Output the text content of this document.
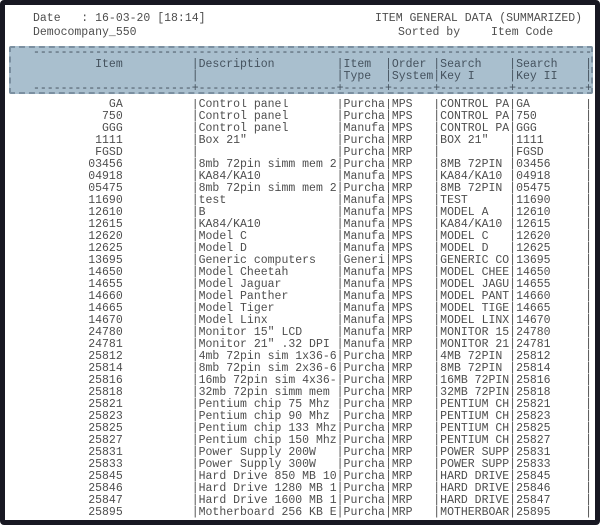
Date   : 16-03-20 [18:14]	ITEM GENERAL DATA (SUMMARIZED)
Democompany_550	Sorted by	Item Code
---------------------------------------------------------------------------------
Item          |Description         |Item  |Order |Search    |Search    |
|                    |Type  |System|Key I     |Key II    |
-----------------------+--------------------+------+------+----------+----------+
GA          |Control panel       |Purcha|MPS   |CONTROL PA|GA        |
750          |Control panel       |Purcha|MPS   |CONTROL PA|750       |
GGG          |Control panel       |Manufa|MPS   |CONTROL PA|GGG       |
1111          |Box 21"             |Purcha|MRP   |BOX 21"   |1111      |
FGSD          |                    |Purcha|MRP   |          |FGSD      |
03456          |8mb 72pin simm mem 2|Purcha|MRP   |8MB 72PIN |03456     |
04918          |KA84/KA10           |Manufa|MPS   |KA84/KA10 |04918     |
05475          |8mb 72pin simm mem 2|Purcha|MRP   |8MB 72PIN |05475     |
11690          |test                |Manufa|MPS   |TEST      |11690     |
12610          |B                   |Manufa|MPS   |MODEL A   |12610     |
12615          |KA84/KA10           |Manufa|MPS   |KA84/KA10 |12615     |
12620          |Model C             |Manufa|MPS   |MODEL C   |12620     |
12625          |Model D             |Manufa|MPS   |MODEL D   |12625     |
13695          |Generic computers   |Generi|MPS   |GENERIC CO|13695     |
14650          |Model Cheetah       |Manufa|MPS   |MODEL CHEE|14650     |
14655          |Model Jaguar        |Manufa|MPS   |MODEL JAGU|14655     |
14660          |Model Panther       |Manufa|MPS   |MODEL PANT|14660     |
14665          |Model Tiger         |Manufa|MPS   |MODEL TIGE|14665     |
14670          |Model Linx          |Manufa|MPS   |MODEL LINX|14670     |
24780          |Monitor 15" LCD     |Manufa|MRP   |MONITOR 15|24780     |
24781          |Monitor 21" .32 DPI |Manufa|MRP   |MONITOR 21|24781     |
25812          |4mb 72pin sim 1x36-6|Purcha|MRP   |4MB 72PIN |25812     |
25814          |8mb 72pin sim 2x36-6|Purcha|MRP   |8MB 72PIN |25814     |
25816          |16mb 72pin sim 4x36-|Purcha|MRP   |16MB 72PIN|25816     |
25818          |32mb 72pin simm mem |Purcha|MRP   |32MB 72PIN|25818     |
25821          |Pentium chip 75 Mhz |Purcha|MRP   |PENTIUM CH|25821     |
25823          |Pentium chip 90 Mhz |Purcha|MRP   |PENTIUM CH|25823     |
25825          |Pentium chip 133 Mhz|Purcha|MRP   |PENTIUM CH|25825     |
25827          |Pentium chip 150 Mhz|Purcha|MRP   |PENTIUM CH|25827     |
25831          |Power Supply 200W   |Purcha|MRP   |POWER SUPP|25831     |
25833          |Power Supply 300W   |Purcha|MRP   |POWER SUPP|25833     |
25845          |Hard Drive 850 MB 10|Purcha|MRP   |HARD DRIVE|25845     |
25846          |Hard Drive 1280 MB 1|Purcha|MRP   |HARD DRIVE|25846     |
25847          |Hard Drive 1600 MB 1|Purcha|MRP   |HARD DRIVE|25847     |
25895          |Motherboard 256 KB E|Purcha|MRP   |MOTHERBOAR|25895     |
